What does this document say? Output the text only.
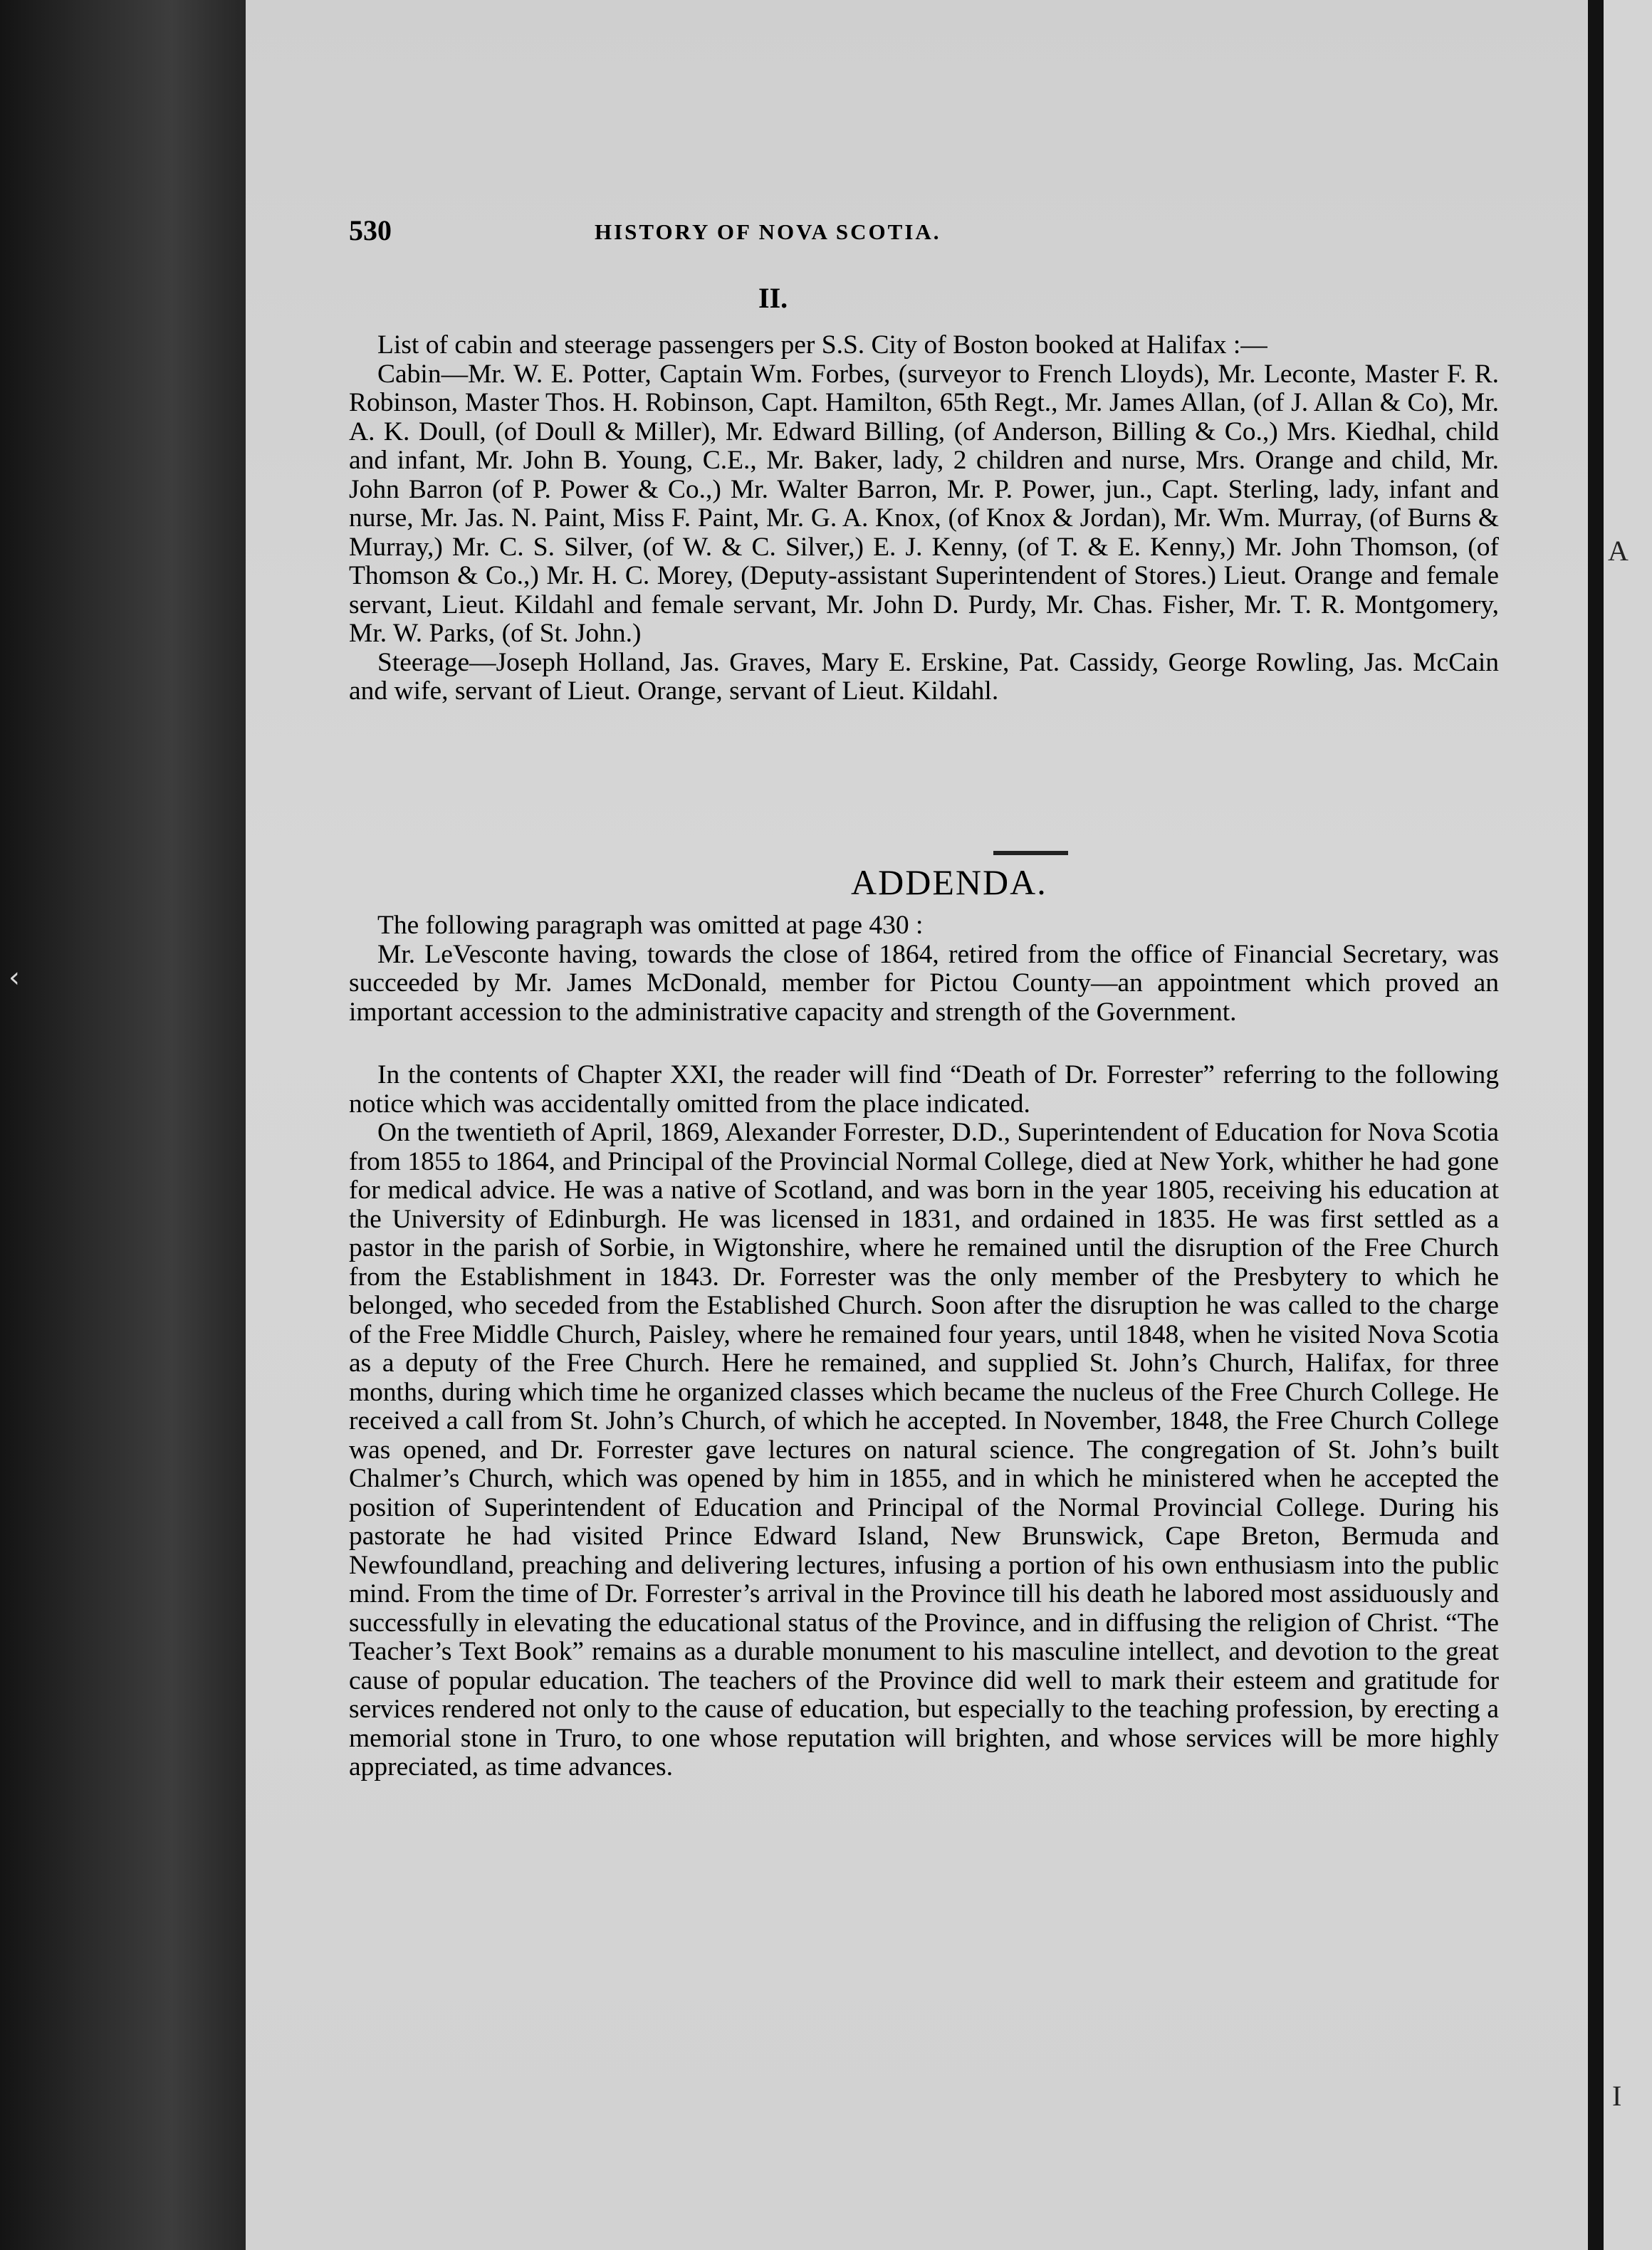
‹
A
I
530	HISTORY OF NOVA SCOTIA.
II.

List of cabin and steerage passengers per S.S. City of Boston booked at Halifax :—

Cabin—Mr. W. E. Potter, Captain Wm. Forbes, (surveyor to French Lloyds), Mr. Leconte, Master F. R. Robinson, Master Thos. H. Robinson, Capt. Hamilton, 65th Regt., Mr. James Allan, (of J. Allan & Co), Mr. A. K. Doull, (of Doull & Miller), Mr. Edward Billing, (of Anderson, Billing & Co.,) Mrs. Kiedhal, child and infant, Mr. John B. Young, C.E., Mr. Baker, lady, 2 children and nurse, Mrs. Orange and child, Mr. John Barron (of P. Power & Co.,) Mr. Walter Barron, Mr. P. Power, jun., Capt. Sterling, lady, infant and nurse, Mr. Jas. N. Paint, Miss F. Paint, Mr. G. A. Knox, (of Knox & Jordan), Mr. Wm. Murray, (of Burns & Murray,) Mr. C. S. Silver, (of W. & C. Silver,) E. J. Kenny, (of T. & E. Kenny,) Mr. John Thomson, (of Thomson & Co.,) Mr. H. C. Morey, (Deputy-assistant Superintendent of Stores.) Lieut. Orange and female servant, Lieut. Kildahl and female servant, Mr. John D. Purdy, Mr. Chas. Fisher, Mr. T. R. Montgomery, Mr. W. Parks, (of St. John.)

Steerage—Joseph Holland, Jas. Graves, Mary E. Erskine, Pat. Cassidy, George Rowling, Jas. McCain and wife, servant of Lieut. Orange, servant of Lieut. Kildahl.

ADDENDA.

The following paragraph was omitted at page 430 :

Mr. LeVesconte having, towards the close of 1864, retired from the office of Financial Secretary, was succeeded by Mr. James McDonald, member for Pictou County—an appointment which proved an important accession to the administrative capacity and strength of the Government.

In the contents of Chapter XXI, the reader will find “Death of Dr. Forrester” referring to the following notice which was accidentally omitted from the place indicated.

On the twentieth of April, 1869, Alexander Forrester, D.D., Superintendent of Education for Nova Scotia from 1855 to 1864, and Principal of the Provincial Normal College, died at New York, whither he had gone for medical advice. He was a native of Scotland, and was born in the year 1805, receiving his education at the University of Edinburgh. He was licensed in 1831, and ordained in 1835. He was first settled as a pastor in the parish of Sorbie, in Wigtonshire, where he remained until the disruption of the Free Church from the Establishment in 1843. Dr. Forrester was the only member of the Presbytery to which he belonged, who seceded from the Established Church. Soon after the disruption he was called to the charge of the Free Middle Church, Paisley, where he remained four years, until 1848, when he visited Nova Scotia as a deputy of the Free Church. Here he remained, and supplied St. John’s Church, Halifax, for three months, during which time he organized classes which became the nucleus of the Free Church College. He received a call from St. John’s Church, of which he accepted. In November, 1848, the Free Church College was opened, and Dr. Forrester gave lectures on natural science. The congregation of St. John’s built Chalmer’s Church, which was opened by him in 1855, and in which he ministered when he accepted the position of Superintendent of Education and Principal of the Normal Provincial College. During his pastorate he had visited Prince Edward Island, New Brunswick, Cape Breton, Bermuda and Newfoundland, preaching and delivering lectures, infusing a portion of his own enthusiasm into the public mind. From the time of Dr. Forrester’s arrival in the Province till his death he labored most assiduously and successfully in elevating the educational status of the Province, and in diffusing the religion of Christ. “The Teacher’s Text Book” remains as a durable monument to his masculine intellect, and devotion to the great cause of popular education. The teachers of the Province did well to mark their esteem and gratitude for services rendered not only to the cause of education, but especially to the teaching profession, by erecting a memorial stone in Truro, to one whose reputation will brighten, and whose services will be more highly appreciated, as time advances.
